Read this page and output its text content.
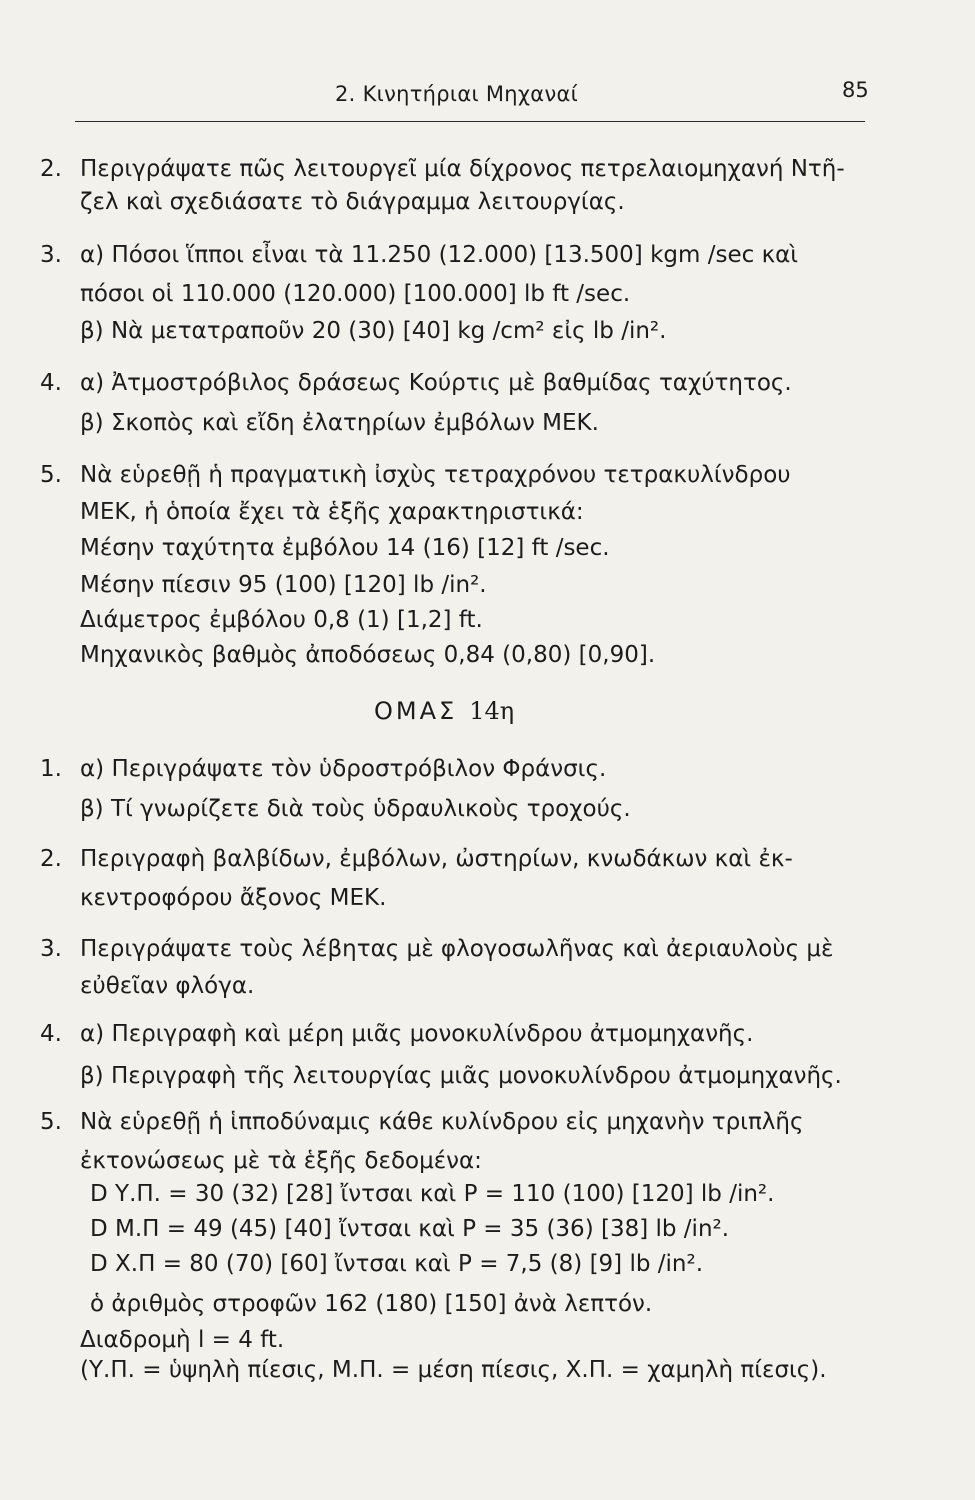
2. Κινητήριαι Μηχαναί	85
2. Περιγράψατε πῶς λειτουργεῖ μία δίχρονος πετρελαιομηχανή Ντῆ-
ζελ καὶ σχεδιάσατε τὸ διάγραμμα λειτουργίας.
3. α) Πόσοι ἵπποι εἶναι τὰ 11.250 (12.000) [13.500] kgm /sec καὶ
πόσοι οἱ 110.000 (120.000) [100.000] lb ft /sec.
β) Νὰ μετατραποῦν 20 (30) [40] kg /cm² εἰς lb /in².
4. α) Ἀτμοστρόβιλος δράσεως Κούρτις μὲ βαθμίδας ταχύτητος.
β) Σκοπὸς καὶ εἴδη ἐλατηρίων ἐμβόλων ΜΕΚ.
5. Νὰ εὑρεθῇ ἡ πραγματικὴ ἰσχὺς τετραχρόνου τετρακυλίνδρου
ΜΕΚ, ἡ ὁποία ἔχει τὰ ἑξῆς χαρακτηριστικά:
Μέσην ταχύτητα ἐμβόλου 14 (16) [12] ft /sec.
Μέσην πίεσιν 95 (100) [120] lb /in².
Διάμετρος ἐμβόλου 0,8 (1) [1,2] ft.
Μηχανικὸς βαθμὸς ἀποδόσεως 0,84 (0,80) [0,90].
ΟΜΑΣ 14η
1. α) Περιγράψατε τὸν ὑδροστρόβιλον Φράνσις.
β) Τί γνωρίζετε διὰ τοὺς ὑδραυλικοὺς τροχούς.
2. Περιγραφὴ βαλβίδων, ἐμβόλων, ὠστηρίων, κνωδάκων καὶ ἐκ-
κεντροφόρου ἄξονος ΜΕΚ.
3. Περιγράψατε τοὺς λέβητας μὲ φλογοσωλῆνας καὶ ἀεριαυλοὺς μὲ
εὐθεῖαν φλόγα.
4. α) Περιγραφὴ καὶ μέρη μιᾶς μονοκυλίνδρου ἀτμομηχανῆς.
β) Περιγραφὴ τῆς λειτουργίας μιᾶς μονοκυλίνδρου ἀτμομηχανῆς.
5. Νὰ εὑρεθῇ ἡ ἱπποδύναμις κάθε κυλίνδρου εἰς μηχανὴν τριπλῆς
ἐκτονώσεως μὲ τὰ ἑξῆς δεδομένα:
D Υ.Π. = 30 (32) [28] ἴντσαι καὶ P = 110 (100) [120] lb /in².
D Μ.Π = 49 (45) [40] ἴντσαι καὶ P = 35 (36) [38] lb /in².
D Χ.Π = 80 (70) [60] ἴντσαι καὶ P = 7,5 (8) [9] lb /in².
ὁ ἀριθμὸς στροφῶν 162 (180) [150] ἀνὰ λεπτόν.
Διαδρομὴ l = 4 ft.
(Υ.Π. = ὑψηλὴ πίεσις, Μ.Π. = μέση πίεσις, Χ.Π. = χαμηλὴ πίεσις).
